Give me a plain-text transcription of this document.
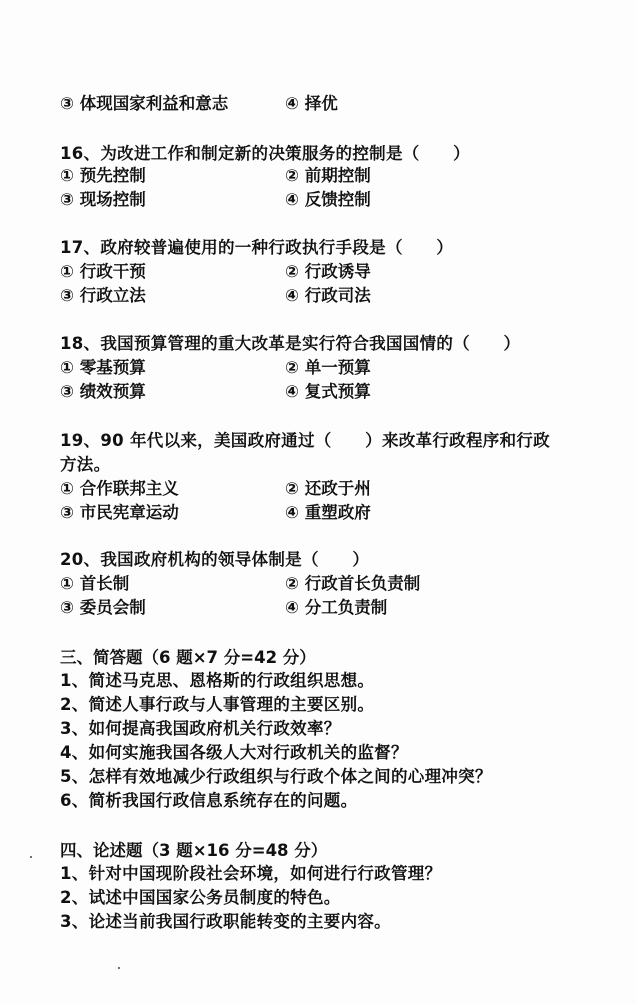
③ 体现国家利益和意志	④ 择优
16、为改进工作和制定新的决策服务的控制是（　　）
① 预先控制	② 前期控制
③ 现场控制	④ 反馈控制
17、政府较普遍使用的一种行政执行手段是（　　）
① 行政干预	② 行政诱导
③ 行政立法	④ 行政司法
18、我国预算管理的重大改革是实行符合我国国情的（　　）
① 零基预算	② 单一预算
③ 绩效预算	④ 复式预算
19、90 年代以来，美国政府通过（　　）来改革行政程序和行政
方法。
① 合作联邦主义	② 还政于州
③ 市民宪章运动	④ 重塑政府
20、我国政府机构的领导体制是（　　）
① 首长制	② 行政首长负责制
③ 委员会制	④ 分工负责制
三、简答题（6 题×7 分=42 分）
1、简述马克思、恩格斯的行政组织思想。
2、简述人事行政与人事管理的主要区别。
3、如何提高我国政府机关行政效率？
4、如何实施我国各级人大对行政机关的监督？
5、怎样有效地减少行政组织与行政个体之间的心理冲突？
6、简析我国行政信息系统存在的问题。
四、论述题（3 题×16 分=48 分）
1、针对中国现阶段社会环境，如何进行行政管理？
2、试述中国国家公务员制度的特色。
3、论述当前我国行政职能转变的主要内容。
